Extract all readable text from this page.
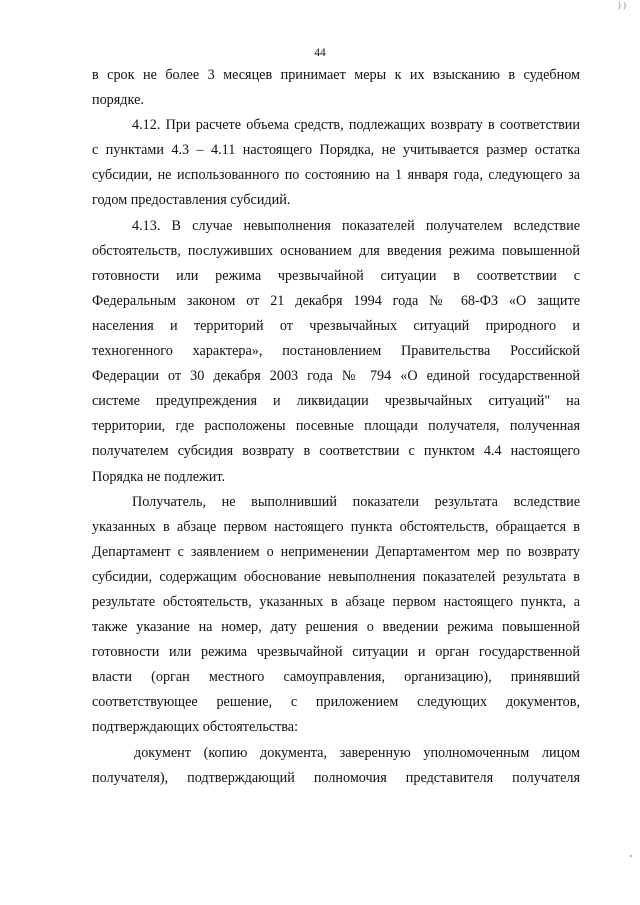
) )
44
в срок не более 3 месяцев принимает меры к их взысканию в судебном
порядке.
4.12. При расчете объема средств, подлежащих возврату в соответствии
с пунктами 4.3 – 4.11 настоящего Порядка, не учитывается размер остатка
субсидии, не использованного по состоянию на 1 января года, следующего за
годом предоставления субсидий.
4.13. В случае невыполнения показателей получателем вследствие
обстоятельств, послуживших основанием для введения режима повышенной
готовности или режима чрезвычайной ситуации в соответствии с
Федеральным законом от 21 декабря 1994 года № 68-ФЗ «О защите
населения и территорий от чрезвычайных ситуаций природного и
техногенного характера», постановлением Правительства Российской
Федерации от 30 декабря 2003 года № 794 «О единой государственной
системе предупреждения и ликвидации чрезвычайных ситуаций" на
территории, где расположены посевные площади получателя, полученная
получателем субсидия возврату в соответствии с пунктом 4.4 настоящего
Порядка не подлежит.
Получатель, не выполнивший показатели результата вследствие
указанных в абзаце первом настоящего пункта обстоятельств, обращается в
Департамент с заявлением о неприменении Департаментом мер по возврату
субсидии, содержащим обоснование невыполнения показателей результата в
результате обстоятельств, указанных в абзаце первом настоящего пункта, а
также указание на номер, дату решения о введении режима повышенной
готовности или режима чрезвычайной ситуации и орган государственной
власти (орган местного самоуправления, организацию), принявший
соответствующее решение, с приложением следующих документов,
подтверждающих обстоятельства:
документ (копию документа, заверенную уполномоченным лицом
получателя), подтверждающий полномочия представителя получателя
